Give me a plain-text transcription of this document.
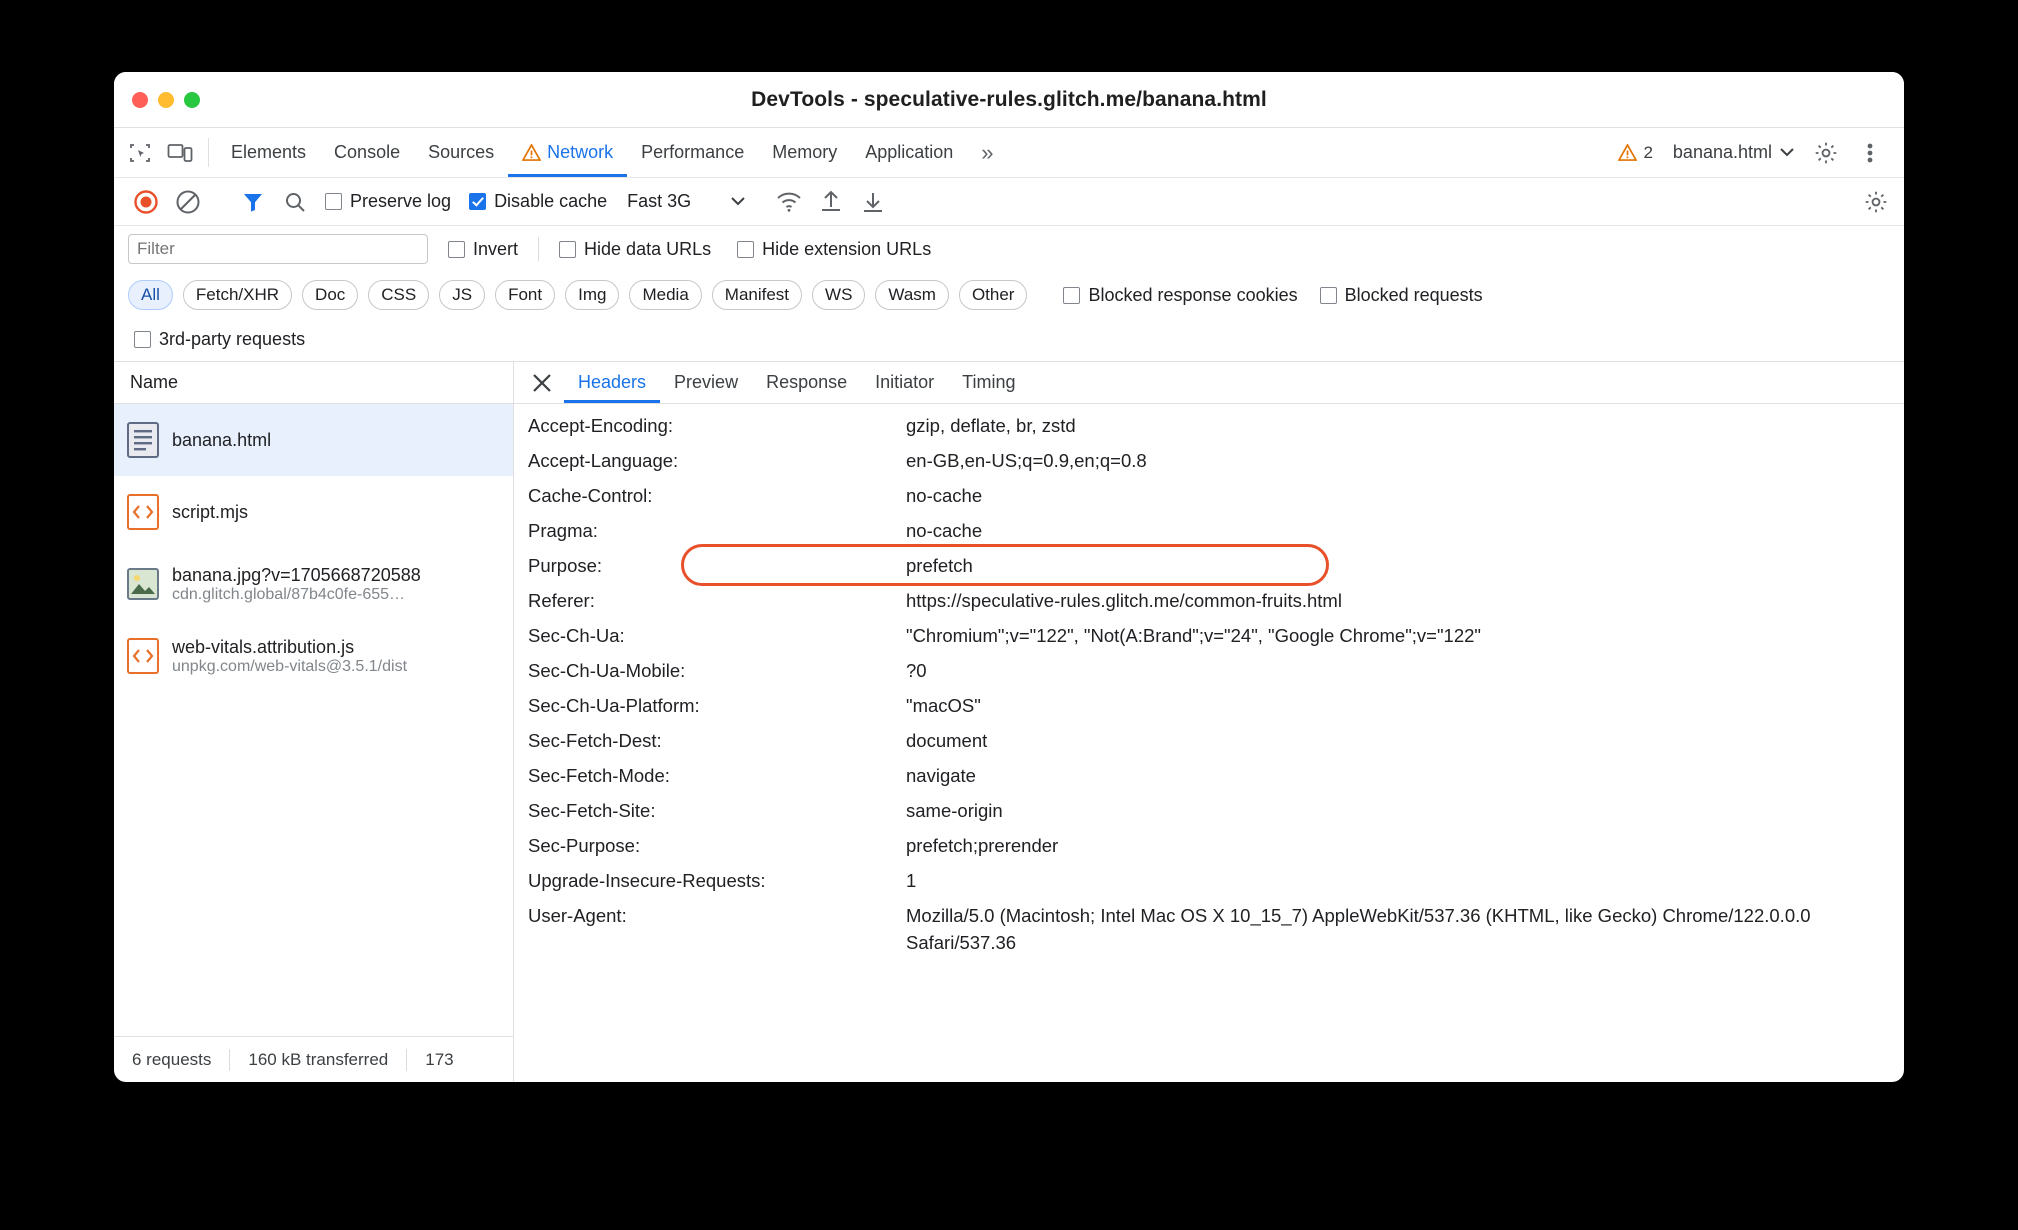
DevTools - speculative-rules.glitch.me/banana.html
Elements Console Sources	Network Performance Memory Application »	2 banana.html
Preserve log Disable cache Fast 3G
Filter
Invert	Hide data URLs	Hide extension URLs
All Fetch/XHR Doc CSS JS Font Img Media Manifest WS Wasm Other	Blocked response cookies	Blocked requests
3rd-party requests
Name
banana.html
script.mjs
banana.jpg?v=1705668720588
cdn.glitch.global/87b4c0fe-655…
web-vitals.attribution.js
unpkg.com/web-vitals@3.5.1/dist
6 requests	160 kB transferred	173
Headers Preview Response Initiator Timing
Accept-Encoding:	gzip, deflate, br, zstd
Accept-Language:	en-GB,en-US;q=0.9,en;q=0.8
Cache-Control:	no-cache
Pragma:	no-cache
Purpose:	prefetch
Referer:	https://speculative-rules.glitch.me/common-fruits.html
Sec-Ch-Ua:	"Chromium";v="122", "Not(A:Brand";v="24", "Google Chrome";v="122"
Sec-Ch-Ua-Mobile:	?0
Sec-Ch-Ua-Platform:	"macOS"
Sec-Fetch-Dest:	document
Sec-Fetch-Mode:	navigate
Sec-Fetch-Site:	same-origin
Sec-Purpose:	prefetch;prerender
Upgrade-Insecure-Requests:	1
User-Agent:	Mozilla/5.0 (Macintosh; Intel Mac OS X 10_15_7) AppleWebKit/537.36 (KHTML, like Gecko) Chrome/122.0.0.0 Safari/537.36
